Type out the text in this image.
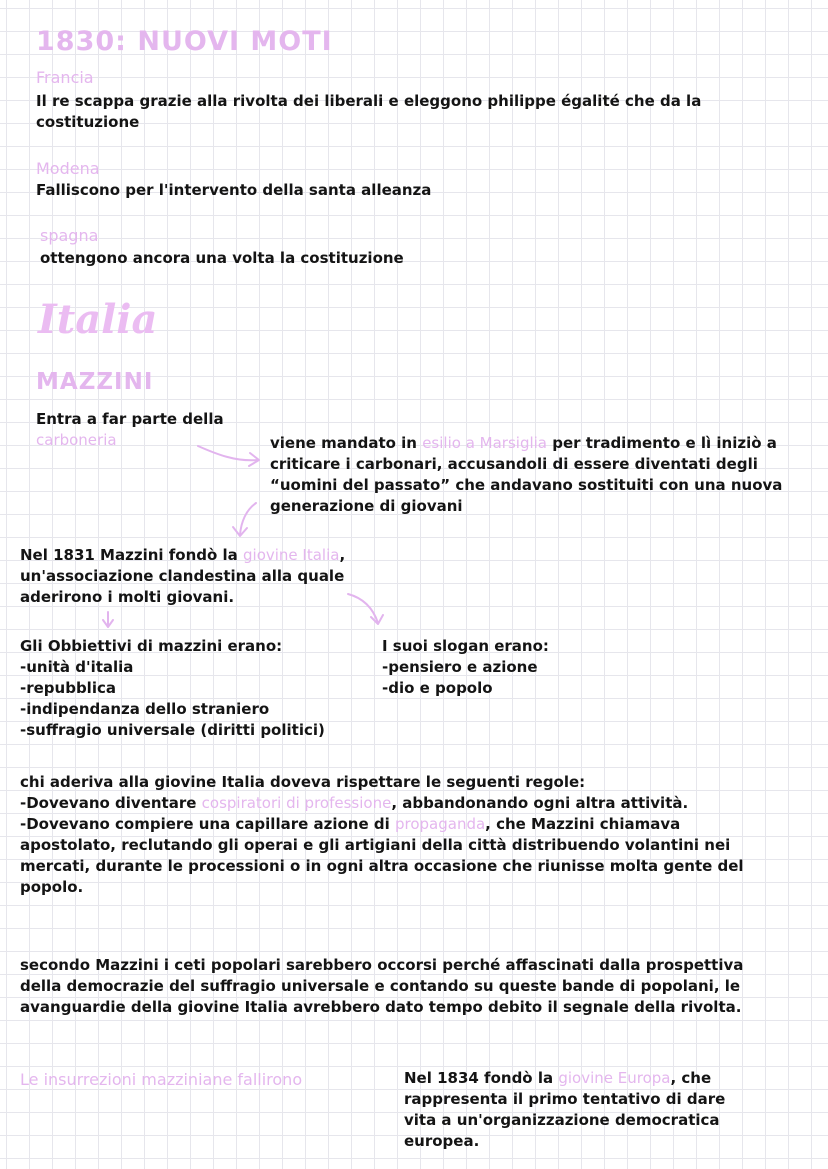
1830: NUOVI MOTI
Francia
Il re scappa grazie alla rivolta dei liberali e eleggono philippe égalité che da la costituzione
Modena
Falliscono per l'intervento della santa alleanza
spagna
ottengono ancora una volta la costituzione
Italia
MAZZINI
Entra a far parte della carboneria	viene mandato in esilio a Marsiglia per tradimento e lì iniziò a criticare i carbonari, accusandoli di essere diventati degli “uomini del passato” che andavano sostituiti con una nuova generazione di giovani
Nel 1831 Mazzini fondò la giovine Italia, un'associazione clandestina alla quale aderirono i molti giovani.
Gli Obbiettivi di mazzini erano:
-unità d'italia
-repubblica
-indipendanza dello straniero
-suffragio universale (diritti politici)
I suoi slogan erano:
-pensiero e azione
-dio e popolo
chi aderiva alla giovine Italia doveva rispettare le seguenti regole:
-Dovevano diventare cospiratori di professione, abbandonando ogni altra attività.
-Dovevano compiere una capillare azione di propaganda, che Mazzini chiamava apostolato, reclutando gli operai e gli artigiani della città distribuendo volantini nei mercati, durante le processioni o in ogni altra occasione che riunisse molta gente del popolo.
secondo Mazzini i ceti popolari sarebbero occorsi perché affascinati dalla prospettiva della democrazie del suffragio universale e contando su queste bande di popolani, le avanguardie della giovine Italia avrebbero dato tempo debito il segnale della rivolta.
Le insurrezioni mazziniane fallirono	Nel 1834 fondò la giovine Europa, che rappresenta il primo tentativo di dare vita a un'organizzazione democratica europea.
